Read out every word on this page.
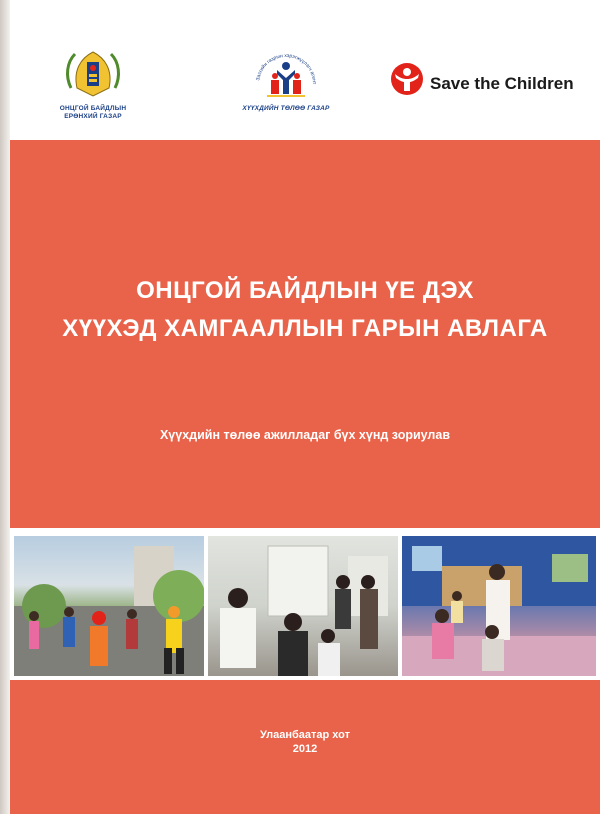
ОНЦГОЙ БАЙДЛЫН
ЕРӨНХИЙ ГАЗАР
Засгийн газрын хэрэгжүүлэгч агент
ХҮҮХДИЙН ТӨЛӨӨ ГАЗАР
Save the Children
ОНЦГОЙ БАЙДЛЫН ҮЕ ДЭХ
ХҮҮХЭД ХАМГААЛЛЫН ГАРЫН АВЛАГА
Хүүхдийн төлөө ажилладаг бүх хүнд зориулав
Улаанбаатар хот
2012
